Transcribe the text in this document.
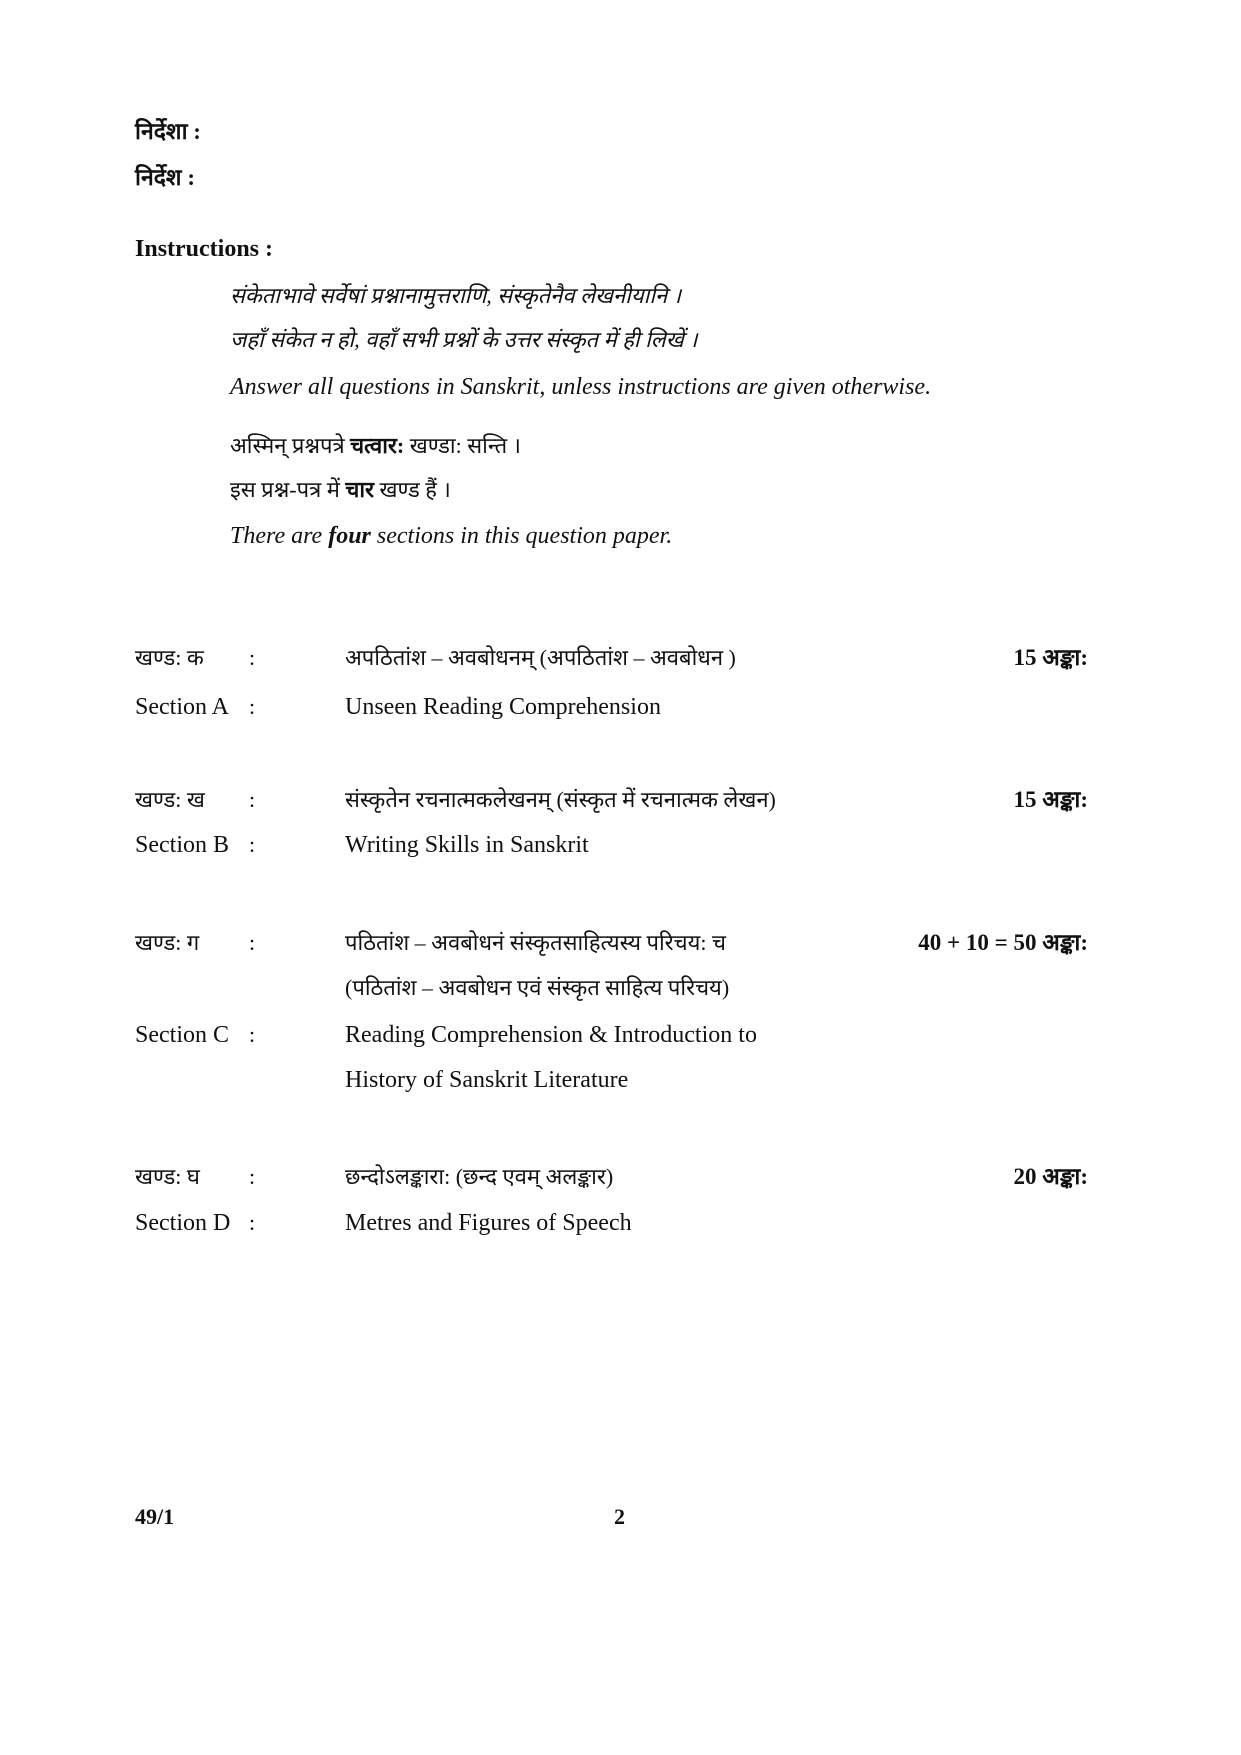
निर्देशा :
निर्देश :
Instructions :
संकेताभावे सर्वेषां प्रश्नानामुत्तराणि, संस्कृतेनैव लेखनीयानि ।
जहाँ संकेत न हो, वहाँ सभी प्रश्नों के उत्तर संस्कृत में ही लिखें ।
Answer all questions in Sanskrit, unless instructions are given otherwise.
अस्मिन् प्रश्नपत्रे चत्वार: खण्डा: सन्ति ।
इस प्रश्न-पत्र में चार खण्ड हैं ।
There are four sections in this question paper.
खण्ड: क :	अपठितांश – अवबोधनम् (अपठितांश – अवबोधन )	15 अङ्का:
Section A :	Unseen Reading Comprehension
खण्ड: ख :	संस्कृतेन रचनात्मकलेखनम् (संस्कृत में रचनात्मक लेखन)	15 अङ्का:
Section B :	Writing Skills in Sanskrit
खण्ड: ग :	पठितांश – अवबोधनं संस्कृतसाहित्यस्य परिचय: च	40 + 10 = 50 अङ्का:
(पठितांश – अवबोधन एवं संस्कृत साहित्य परिचय)
Section C :	Reading Comprehension & Introduction to
History of Sanskrit Literature
खण्ड: घ :	छन्दोऽलङ्कारा: (छन्द एवम् अलङ्कार)	20 अङ्का:
Section D :	Metres and Figures of Speech
49/1	2
